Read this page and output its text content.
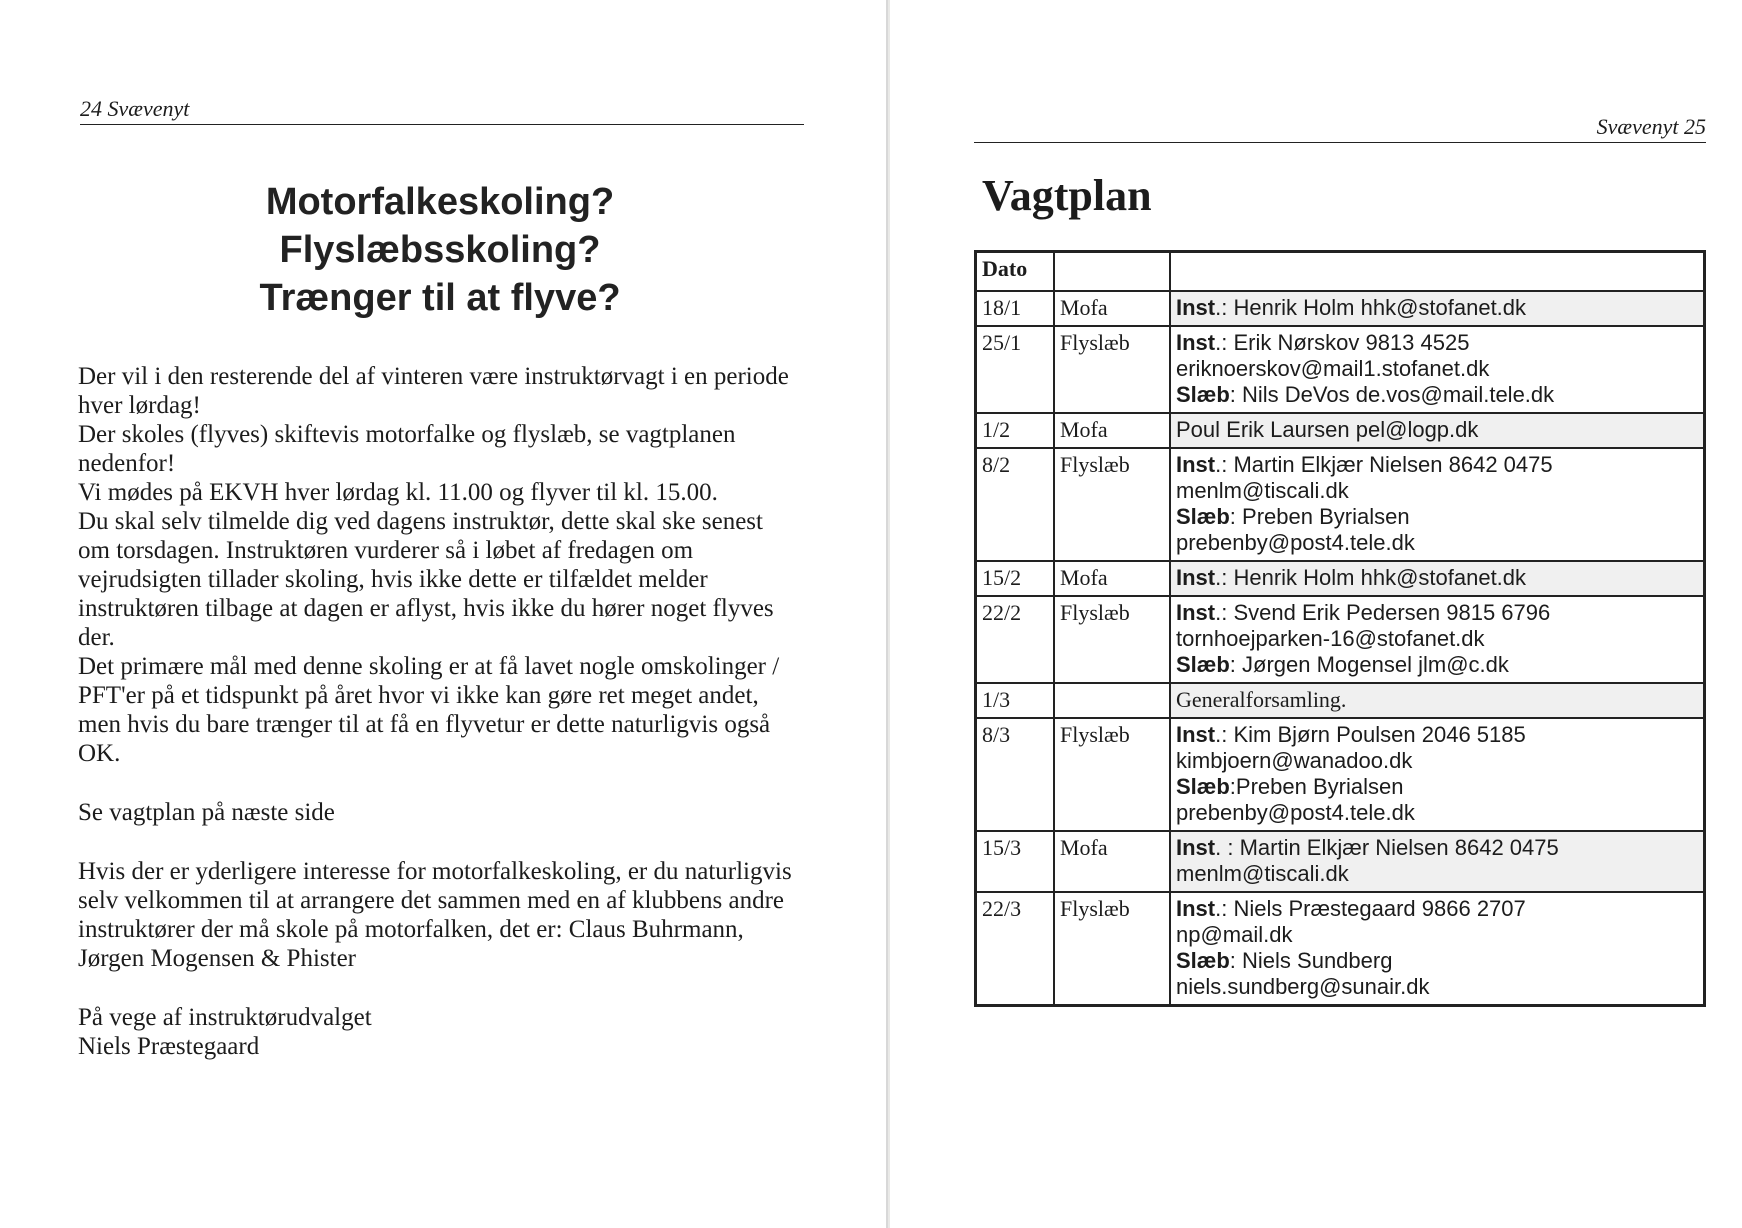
24 Svævenyt
Motorfalkeskoling?
Flyslæbsskoling?
Trænger til at flyve?

Der vil i den resterende del af vinteren være instruktørvagt i en periode hver lørdag!

Der skoles (flyves) skiftevis motorfalke og flyslæb, se vagtplanen nedenfor!

Vi mødes på EKVH hver lørdag kl. 11.00 og flyver til kl. 15.00.

Du skal selv tilmelde dig ved dagens instruktør, dette skal ske senest om torsdagen. Instruktøren vurderer så i løbet af fredagen om vejrudsigten tillader skoling, hvis ikke dette er tilfældet melder instruktøren tilbage at dagen er aflyst, hvis ikke du hører noget flyves der.

Det primære mål med denne skoling er at få lavet nogle omskolinger / PFT'er på et tidspunkt på året hvor vi ikke kan gøre ret meget andet, men hvis du bare trænger til at få en flyvetur er dette naturligvis også OK.

Se vagtplan på næste side

Hvis der er yderligere interesse for motorfalkeskoling, er du naturligvis selv velkommen til at arrangere det sammen med en af klubbens andre

instruktører der må skole på motorfalken, det er: Claus Buhrmann, Jørgen Mogensen & Phister

På vege af instruktørudvalget

Niels Præstegaard

Svævenyt 25
Vagtplan
Dato		
18/1	Mofa	Inst.: Henrik Holm hhk@stofanet.dk

25/1	Flyslæb	Inst.: Erik Nørskov 9813 4525
eriknoerskov@mail1.stofanet.dk
Slæb: Nils DeVos de.vos@mail.tele.dk

1/2	Mofa	Poul Erik Laursen pel@logp.dk

8/2	Flyslæb	Inst.: Martin Elkjær Nielsen 8642 0475
menlm@tiscali.dk
Slæb: Preben Byrialsen
prebenby@post4.tele.dk

15/2	Mofa	Inst.: Henrik Holm hhk@stofanet.dk

22/2	Flyslæb	Inst.: Svend Erik Pedersen 9815 6796
tornhoejparken-16@stofanet.dk
Slæb: Jørgen Mogensel jlm@c.dk

1/3		Generalforsamling.

8/3	Flyslæb	Inst.: Kim Bjørn Poulsen 2046 5185
kimbjoern@wanadoo.dk
Slæb:Preben Byrialsen
prebenby@post4.tele.dk

15/3	Mofa	Inst. : Martin Elkjær Nielsen 8642 0475
menlm@tiscali.dk

22/3	Flyslæb	Inst.: Niels Præstegaard 9866 2707
np@mail.dk
Slæb: Niels Sundberg
niels.sundberg@sunair.dk
